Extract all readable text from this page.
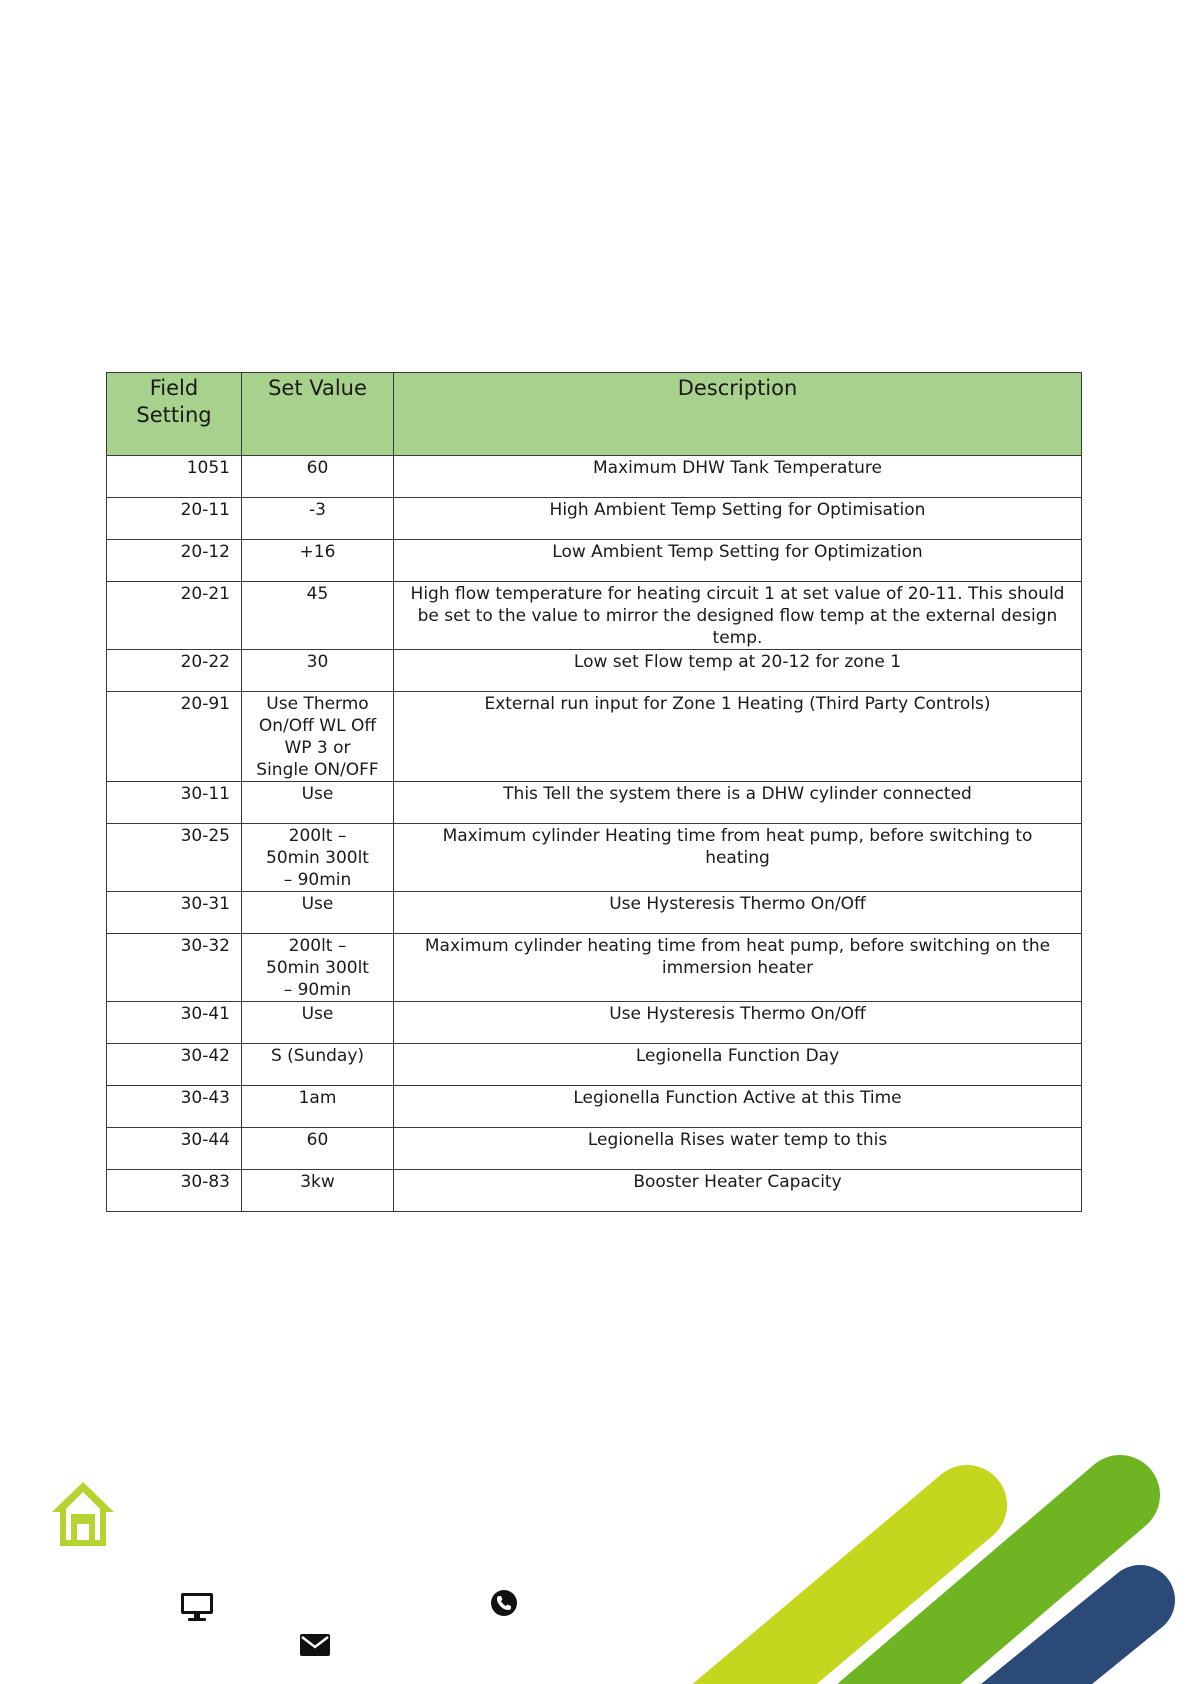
Field Setting	Set Value	Description
1051	60	Maximum DHW Tank Temperature
20-11	-3	High Ambient Temp Setting for Optimisation
20-12	+16	Low Ambient Temp Setting for Optimization
20-21	45	High flow temperature for heating circuit 1 at set value of 20-11. This should be set to the value to mirror the designed flow temp at the external design temp.
20-22	30	Low set Flow temp at 20-12 for zone 1
20-91	Use Thermo On/Off WL Off WP 3 or Single ON/OFF	External run input for Zone 1 Heating (Third Party Controls)
30-11	Use	This Tell the system there is a DHW cylinder connected
30-25	200lt – 50min 300lt – 90min	Maximum cylinder Heating time from heat pump, before switching to heating
30-31	Use	Use Hysteresis Thermo On/Off
30-32	200lt – 50min 300lt – 90min	Maximum cylinder heating time from heat pump, before switching on the immersion heater
30-41	Use	Use Hysteresis Thermo On/Off
30-42	S (Sunday)	Legionella Function Day
30-43	1am	Legionella Function Active at this Time
30-44	60	Legionella Rises water temp to this
30-83	3kw	Booster Heater Capacity
